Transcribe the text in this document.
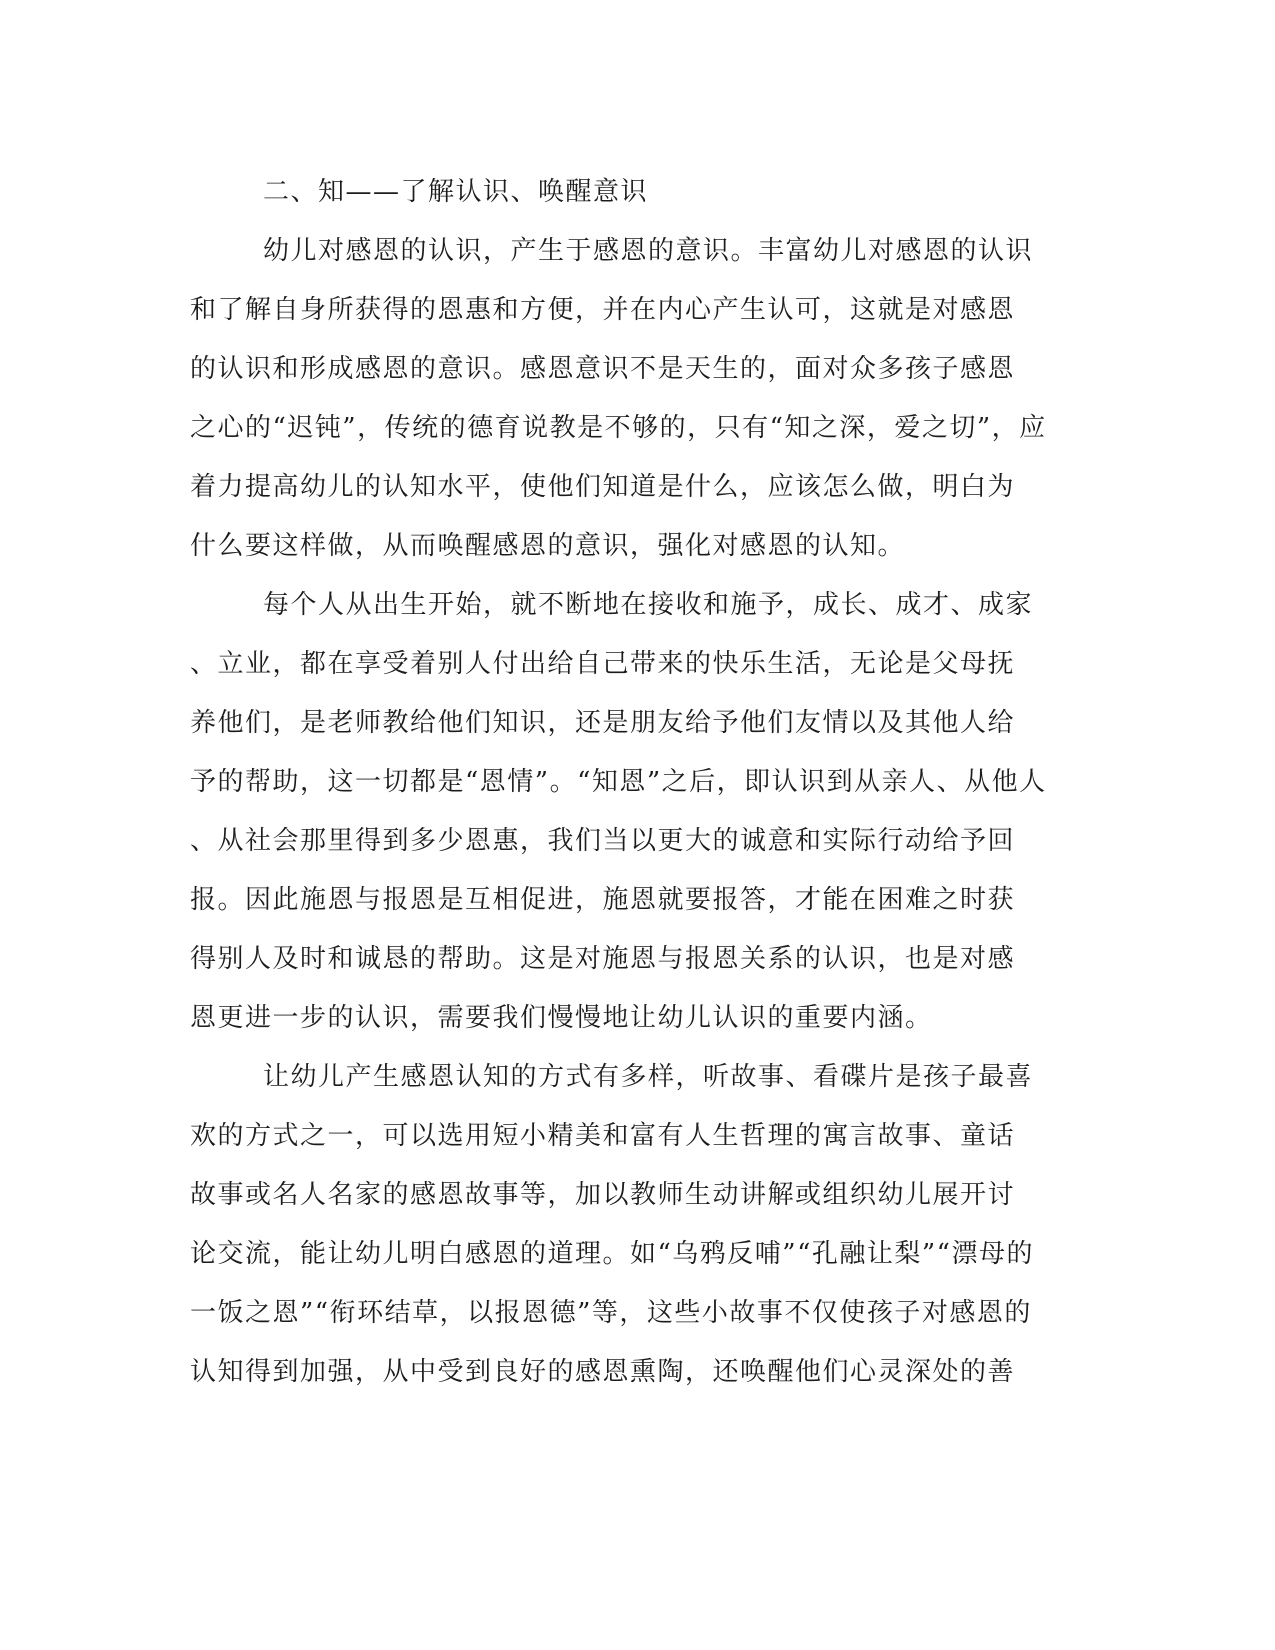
二、知——了解认识、唤醒意识
幼儿对感恩的认识，产生于感恩的意识。丰富幼儿对感恩的认识
和了解自身所获得的恩惠和方便，并在内心产生认可，这就是对感恩
的认识和形成感恩的意识。感恩意识不是天生的，面对众多孩子感恩
之心的“迟钝”，传统的德育说教是不够的，只有“知之深，爱之切”，应
着力提高幼儿的认知水平，使他们知道是什么，应该怎么做，明白为
什么要这样做，从而唤醒感恩的意识，强化对感恩的认知。
每个人从出生开始，就不断地在接收和施予，成长、成才、成家
、立业，都在享受着别人付出给自己带来的快乐生活，无论是父母抚
养他们，是老师教给他们知识，还是朋友给予他们友情以及其他人给
予的帮助，这一切都是“恩情”。“知恩”之后，即认识到从亲人、从他人
、从社会那里得到多少恩惠，我们当以更大的诚意和实际行动给予回
报。因此施恩与报恩是互相促进，施恩就要报答，才能在困难之时获
得别人及时和诚恳的帮助。这是对施恩与报恩关系的认识，也是对感
恩更进一步的认识，需要我们慢慢地让幼儿认识的重要内涵。
让幼儿产生感恩认知的方式有多样，听故事、看碟片是孩子最喜
欢的方式之一，可以选用短小精美和富有人生哲理的寓言故事、童话
故事或名人名家的感恩故事等，加以教师生动讲解或组织幼儿展开讨
论交流，能让幼儿明白感恩的道理。如“乌鸦反哺”“孔融让梨”“漂母的
一饭之恩”“衔环结草，以报恩德”等，这些小故事不仅使孩子对感恩的
认知得到加强，从中受到良好的感恩熏陶，还唤醒他们心灵深处的善
